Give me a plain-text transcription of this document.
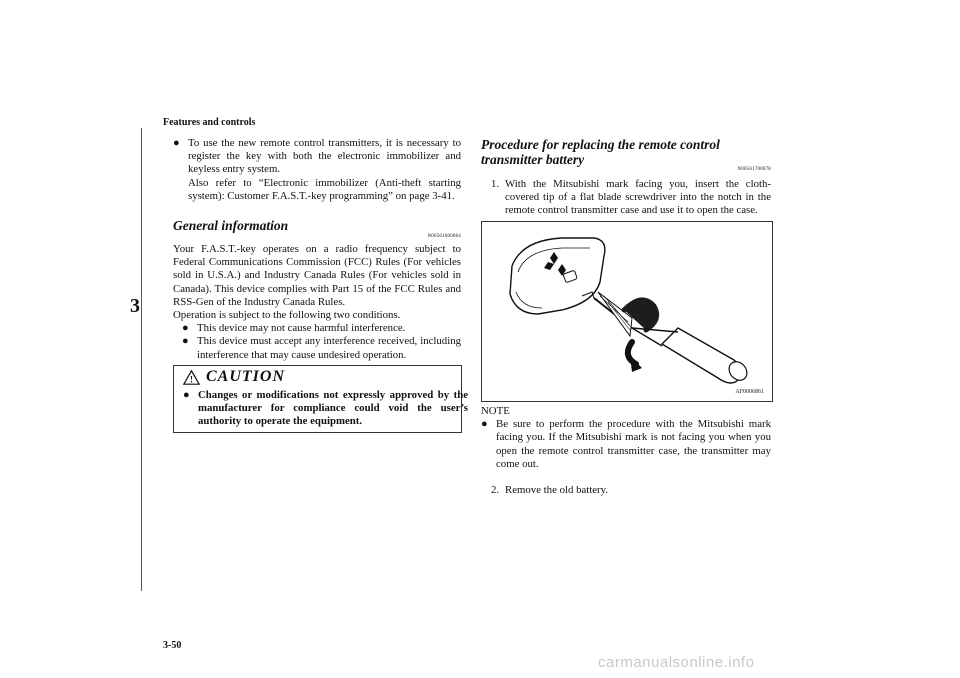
Features and controls
3
● To use the new remote control transmitters, it is necessary to register the key with both the electronic immobilizer and keyless entry system.
Also refer to “Electronic immobilizer (Anti-theft starting system): Customer F.A.S.T.-key programming” on page 3-41.
General information
N00561600064
Your F.A.S.T.-key operates on a radio frequency subject to Federal Communications Commission (FCC) Rules (For vehicles sold in U.S.A.) and Industry Canada Rules (For vehicles sold in Canada). This device complies with Part 15 of the FCC Rules and RSS-Gen of the Industry Canada Rules.
Operation is subject to the following two conditions.
● This device may not cause harmful interference.
● This device must accept any interference received, including interference that may cause undesired operation.
! CAUTION
● Changes or modifications not expressly approved by the manufacturer for compliance could void the user’s authority to operate the equipment.
Procedure for replacing the remote control transmitter battery
N00561700078
1. With the Mitsubishi mark facing you, insert the cloth-covered tip of a flat blade screwdriver into the notch in the remote control transmitter case and use it to open the case.
AF0006861
NOTE
● Be sure to perform the procedure with the Mitsubishi mark facing you. If the Mitsubishi mark is not facing you when you open the remote control transmitter case, the transmitter may come out.
2. Remove the old battery.
3-50
carmanualsonline.info
